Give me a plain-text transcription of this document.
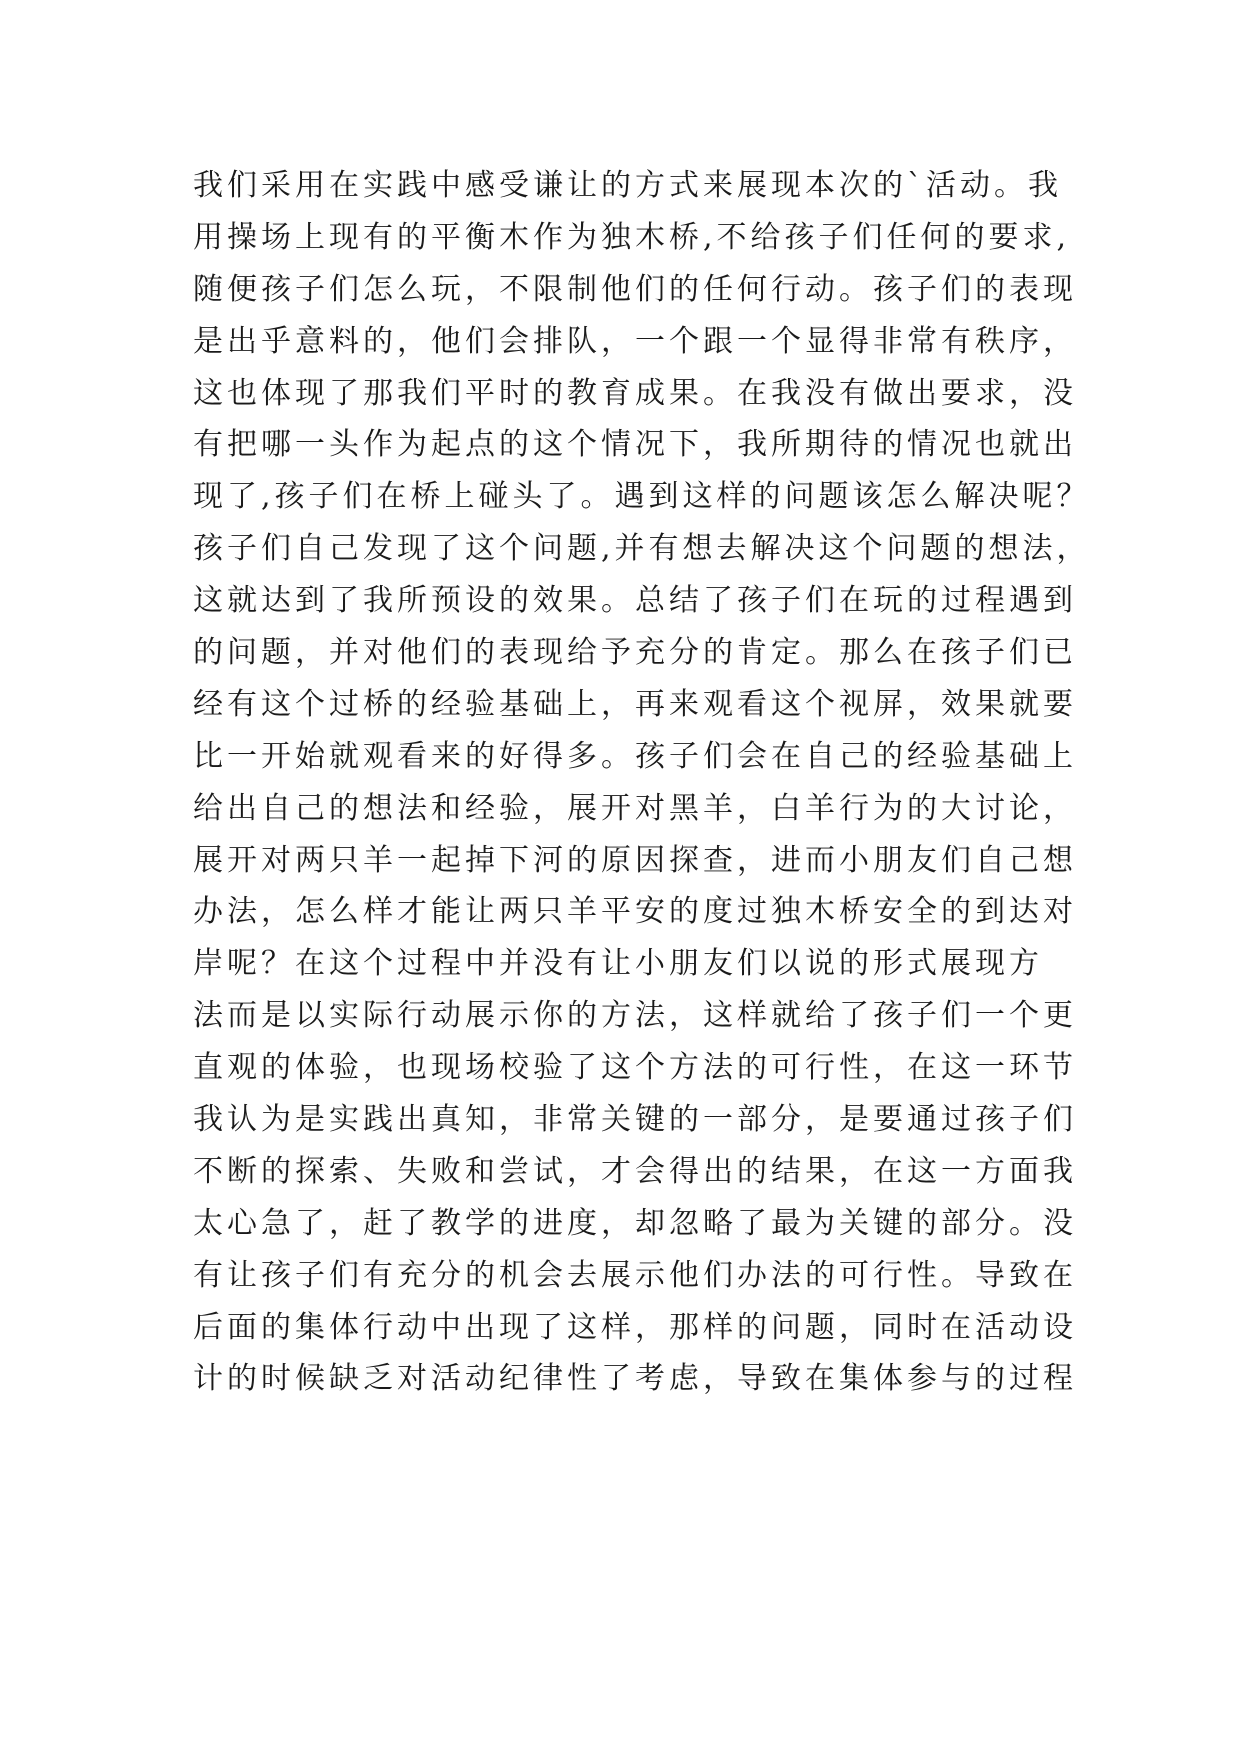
我们采用在实践中感受谦让的方式来展现本次的`活动。我
用操场上现有的平衡木作为独木桥,不给孩子们任何的要求,
随便孩子们怎么玩，不限制他们的任何行动。孩子们的表现
是出乎意料的，他们会排队，一个跟一个显得非常有秩序，
这也体现了那我们平时的教育成果。在我没有做出要求，没
有把哪一头作为起点的这个情况下，我所期待的情况也就出
现了,孩子们在桥上碰头了。遇到这样的问题该怎么解决呢？
孩子们自己发现了这个问题,并有想去解决这个问题的想法，
这就达到了我所预设的效果。总结了孩子们在玩的过程遇到
的问题，并对他们的表现给予充分的肯定。那么在孩子们已
经有这个过桥的经验基础上，再来观看这个视屏，效果就要
比一开始就观看来的好得多。孩子们会在自己的经验基础上
给出自己的想法和经验，展开对黑羊，白羊行为的大讨论，
展开对两只羊一起掉下河的原因探查，进而小朋友们自己想
办法，怎么样才能让两只羊平安的度过独木桥安全的到达对
岸呢？在这个过程中并没有让小朋友们以说的形式展现方
法而是以实际行动展示你的方法，这样就给了孩子们一个更
直观的体验，也现场校验了这个方法的可行性，在这一环节
我认为是实践出真知，非常关键的一部分，是要通过孩子们
不断的探索、失败和尝试，才会得出的结果，在这一方面我
太心急了，赶了教学的进度，却忽略了最为关键的部分。没
有让孩子们有充分的机会去展示他们办法的可行性。导致在
后面的集体行动中出现了这样，那样的问题，同时在活动设
计的时候缺乏对活动纪律性了考虑，导致在集体参与的过程
